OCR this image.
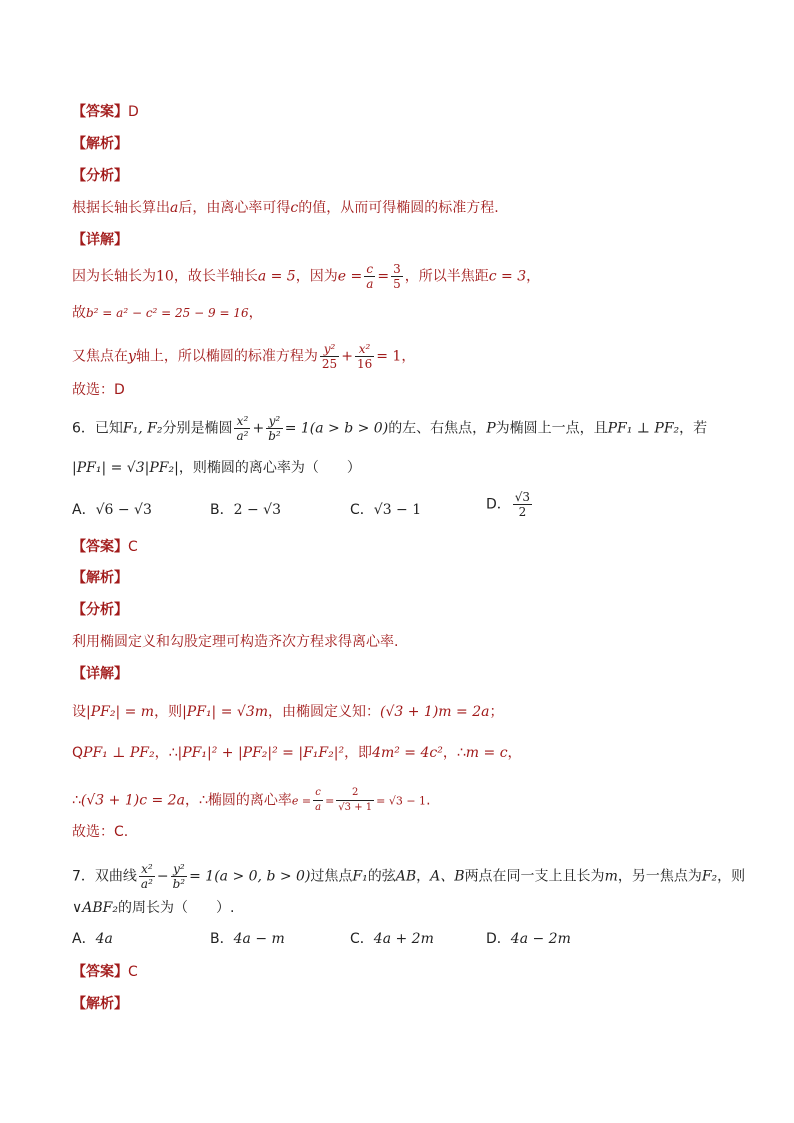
【答案】D
【解析】
【分析】
根据长轴长算出a后，由离心率可得c的值，从而可得椭圆的标准方程.
【详解】
因为长轴长为10，故长半轴长a = 5，因为$e = \frac{c}{a} = \frac{3}{5}$ ，所以半焦距c = 3，
故b² = a² − c² = 25 − 9 = 16，
又焦点在y轴上，所以椭圆的标准方程为 $\frac{\text{y²}}{25} + \frac{\text{x²}}{16} = 1$，
故选：D
6．已知F₁, F₂分别是椭圆 $\frac{\text{x²}}{\text{a²}} + \frac{\text{y²}}{\text{b²}} = 1(a > b > 0)$的左、右焦点，P为椭圆上一点，且PF₁ ⊥ PF₂，若
|PF₁| = √3|PF₂|，则椭圆的离心率为（　　）
A．√6 − √3	B．2 − √3	C．√3 − 1	D． $\frac{√3}{2}$
【答案】C
【解析】
【分析】
利用椭圆定义和勾股定理可构造齐次方程求得离心率.
【详解】
设|PF₂| = m，则|PF₁| = √3m，由椭圆定义知：(√3 + 1)m = 2a；
QPF₁ ⊥ PF₂，∴|PF₁|² + |PF₂|² = |F₁F₂|²，即4m² = 4c²，∴m = c，
∴(√3 + 1)c = 2a，∴椭圆的离心率$e = \frac{c}{a} = \frac{2}{√3 + 1} = √3 - 1$.
故选：C.
7．双曲线 $\frac{\text{x²}}{\text{a²}} - \frac{\text{y²}}{\text{b²}} = 1(a > 0$, b > 0)过焦点F₁的弦AB，A、B两点在同一支上且长为m，另一焦点为F₂，则
∨ABF₂的周长为（　　）.
A．4a	B．4a − m	C．4a + 2m	D．4a − 2m
【答案】C
【解析】
